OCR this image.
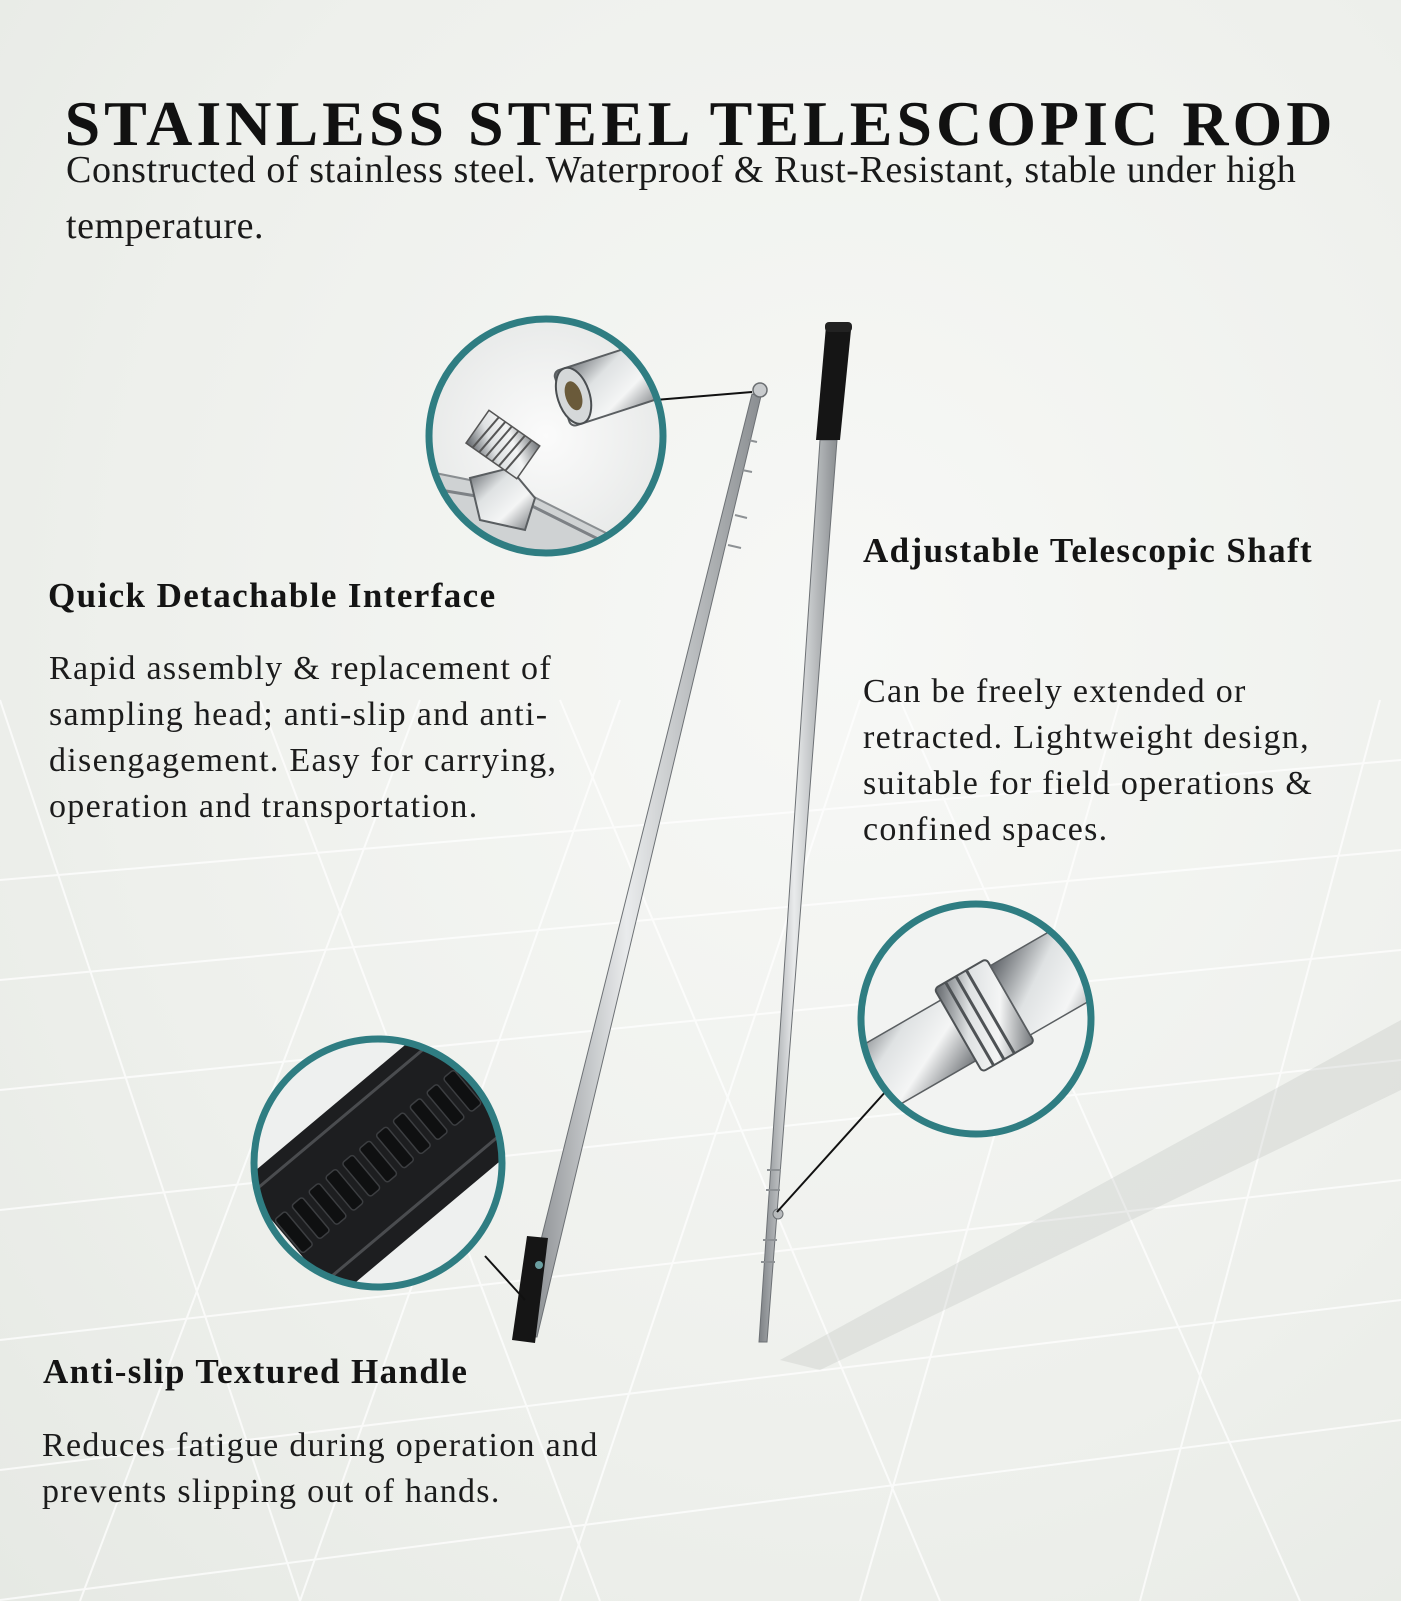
STAINLESS STEEL TELESCOPIC ROD

Constructed of stainless steel. Waterproof & Rust-Resistant, stable under high temperature.

Quick Detachable Interface
Rapid assembly & replacement of sampling head; anti-slip and anti-disengagement. Easy for carrying, operation and transportation.
Adjustable Telescopic Shaft
Can be freely extended or retracted. Lightweight design, suitable for field operations & confined spaces.
Anti-slip Textured Handle
Reduces fatigue during operation and prevents slipping out of hands.
